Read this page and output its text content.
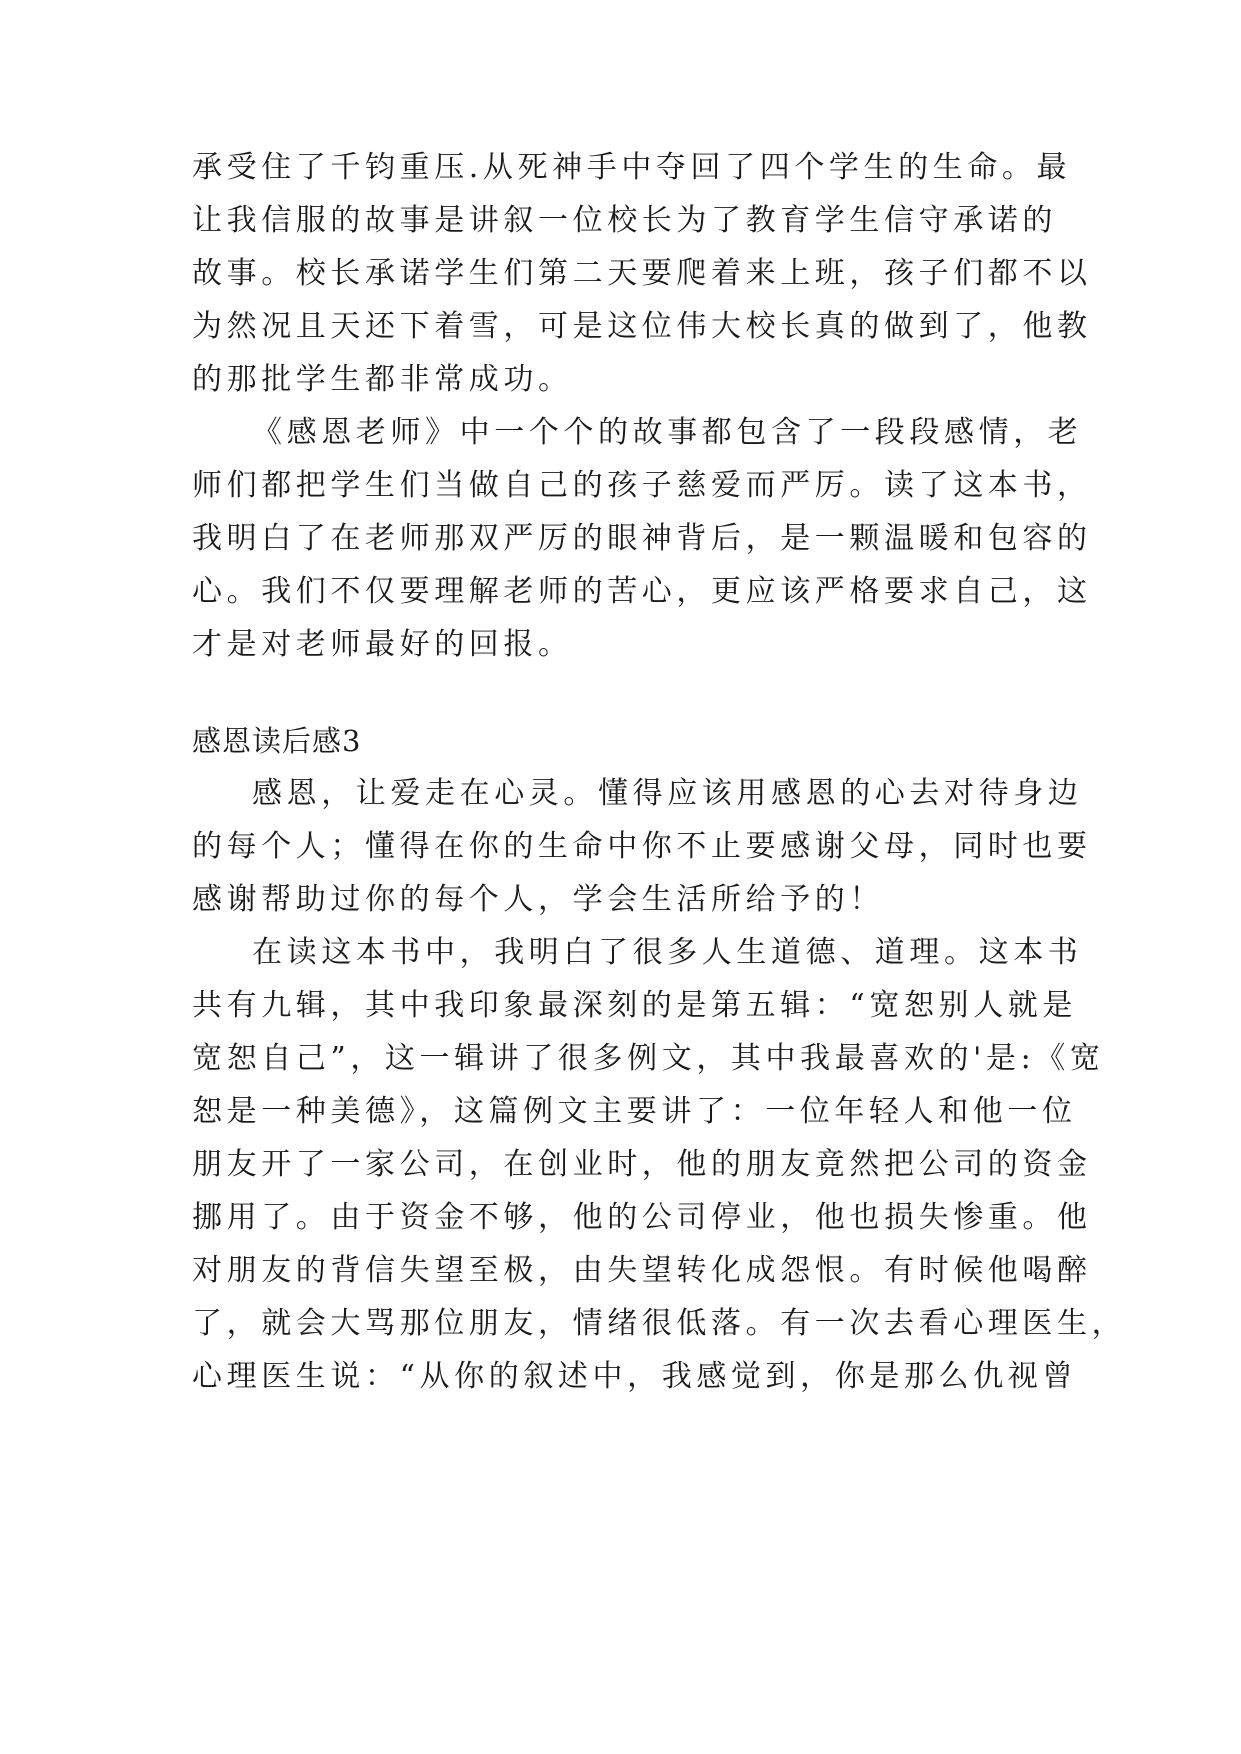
承受住了千钧重压.从死神手中夺回了四个学生的生命。最
让我信服的故事是讲叙一位校长为了教育学生信守承诺的
故事。校长承诺学生们第二天要爬着来上班，孩子们都不以
为然况且天还下着雪，可是这位伟大校长真的做到了，他教
的那批学生都非常成功。
《感恩老师》中一个个的故事都包含了一段段感情，老
师们都把学生们当做自己的孩子慈爱而严厉。读了这本书，
我明白了在老师那双严厉的眼神背后，是一颗温暖和包容的
心。我们不仅要理解老师的苦心，更应该严格要求自己，这
才是对老师最好的回报。
感恩读后感3
感恩，让爱走在心灵。懂得应该用感恩的心去对待身边
的每个人；懂得在你的生命中你不止要感谢父母，同时也要
感谢帮助过你的每个人，学会生活所给予的！
在读这本书中，我明白了很多人生道德、道理。这本书
共有九辑，其中我印象最深刻的是第五辑：“宽恕别人就是
宽恕自己”，这一辑讲了很多例文，其中我最喜欢的'是:《宽
恕是一种美德》，这篇例文主要讲了：一位年轻人和他一位
朋友开了一家公司，在创业时，他的朋友竟然把公司的资金
挪用了。由于资金不够，他的公司停业，他也损失惨重。他
对朋友的背信失望至极，由失望转化成怨恨。有时候他喝醉
了，就会大骂那位朋友，情绪很低落。有一次去看心理医生，
心理医生说：“从你的叙述中，我感觉到，你是那么仇视曾
